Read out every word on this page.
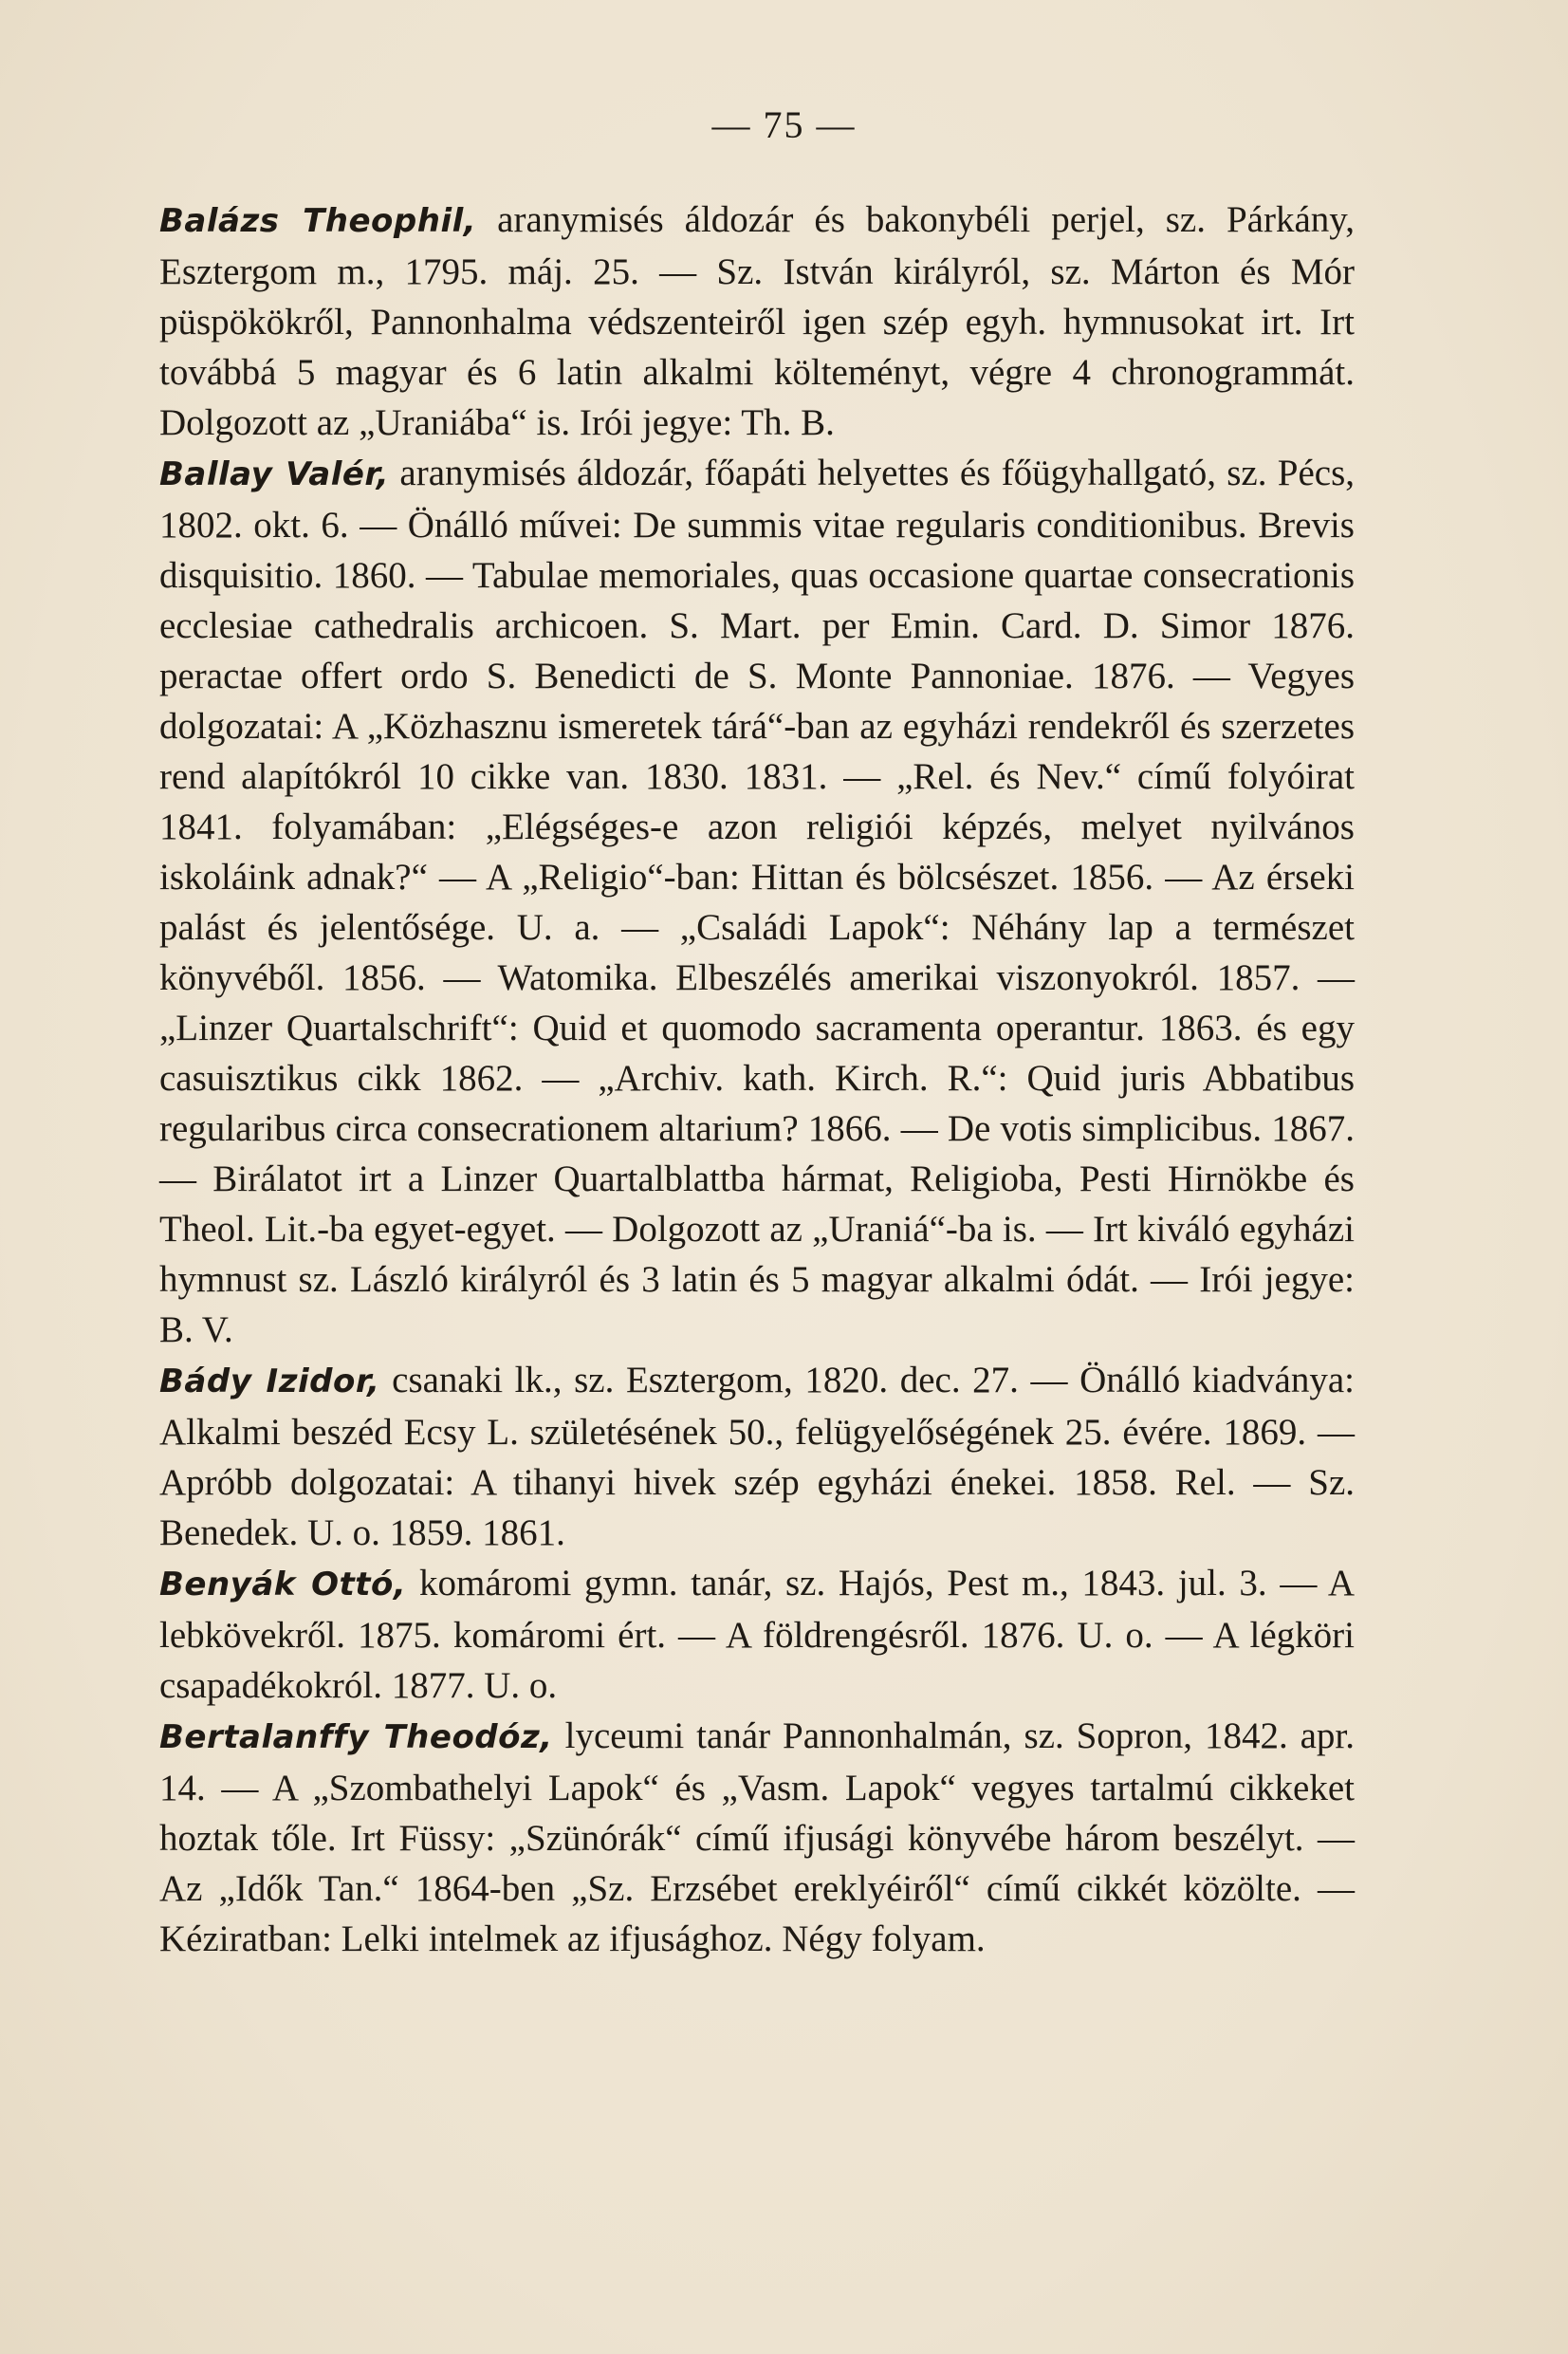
— 75 —

Balázs Theophil, aranymisés áldozár és bakonybéli perjel, sz. Párkány, Esztergom m., 1795. máj. 25. — Sz. István királyról, sz. Márton és Mór püspökökről, Pannonhalma védszenteiről igen szép egyh. hymnusokat irt. Irt továbbá 5 magyar és 6 latin alkalmi költeményt, végre 4 chronogrammát. Dolgozott az „Uraniába“ is. Irói jegye: Th. B.

Ballay Valér, aranymisés áldozár, főapáti helyettes és főügyhallgató, sz. Pécs, 1802. okt. 6. — Önálló művei: De summis vitae regularis conditionibus. Brevis disquisitio. 1860. — Tabulae memoriales, quas occasione quartae consecrationis ecclesiae cathedralis archicoen. S. Mart. per Emin. Card. D. Simor 1876. peractae offert ordo S. Benedicti de S. Monte Pannoniae. 1876. — Vegyes dolgozatai: A „Közhasznu ismeretek tárá“-ban az egyházi rendekről és szerzetes rend alapítókról 10 cikke van. 1830. 1831. — „Rel. és Nev.“ című folyóirat 1841. folyamában: „Elégséges-e azon religiói képzés, melyet nyilvános iskoláink adnak?“ — A „Religio“-ban: Hittan és bölcsészet. 1856. — Az érseki palást és jelentősége. U. a. — „Családi Lapok“: Néhány lap a természet könyvéből. 1856. — Watomika. Elbeszélés amerikai viszonyokról. 1857. — „Linzer Quartalschrift“: Quid et quomodo sacramenta operantur. 1863. és egy casuisztikus cikk 1862. — „Archiv. kath. Kirch. R.“: Quid juris Abbatibus regularibus circa consecrationem altarium? 1866. — De votis simplicibus. 1867. — Birálatot irt a Linzer Quartalblattba hármat, Religioba, Pesti Hirnökbe és Theol. Lit.-ba egyet-egyet. — Dolgozott az „Uraniá“-ba is. — Irt kiváló egyházi hymnust sz. László királyról és 3 latin és 5 magyar alkalmi ódát. — Irói jegye: B. V.

Bády Izidor, csanaki lk., sz. Esztergom, 1820. dec. 27. — Önálló kiadványa: Alkalmi beszéd Ecsy L. születésének 50., felügyelőségének 25. évére. 1869. — Apróbb dolgozatai: A tihanyi hivek szép egyházi énekei. 1858. Rel. — Sz. Benedek. U. o. 1859. 1861.

Benyák Ottó, komáromi gymn. tanár, sz. Hajós, Pest m., 1843. jul. 3. — A lebkövekről. 1875. komáromi ért. — A földrengésről. 1876. U. o. — A légköri csapadékokról. 1877. U. o.

Bertalanffy Theodóz, lyceumi tanár Pannonhalmán, sz. Sopron, 1842. apr. 14. — A „Szombathelyi Lapok“ és „Vasm. Lapok“ vegyes tartalmú cikkeket hoztak tőle. Irt Füssy: „Szünórák“ című ifjusági könyvébe három beszélyt. — Az „Idők Tan.“ 1864-ben „Sz. Erzsébet ereklyéiről“ című cikkét közölte. — Kéziratban: Lelki intelmek az ifjusághoz. Négy folyam.
